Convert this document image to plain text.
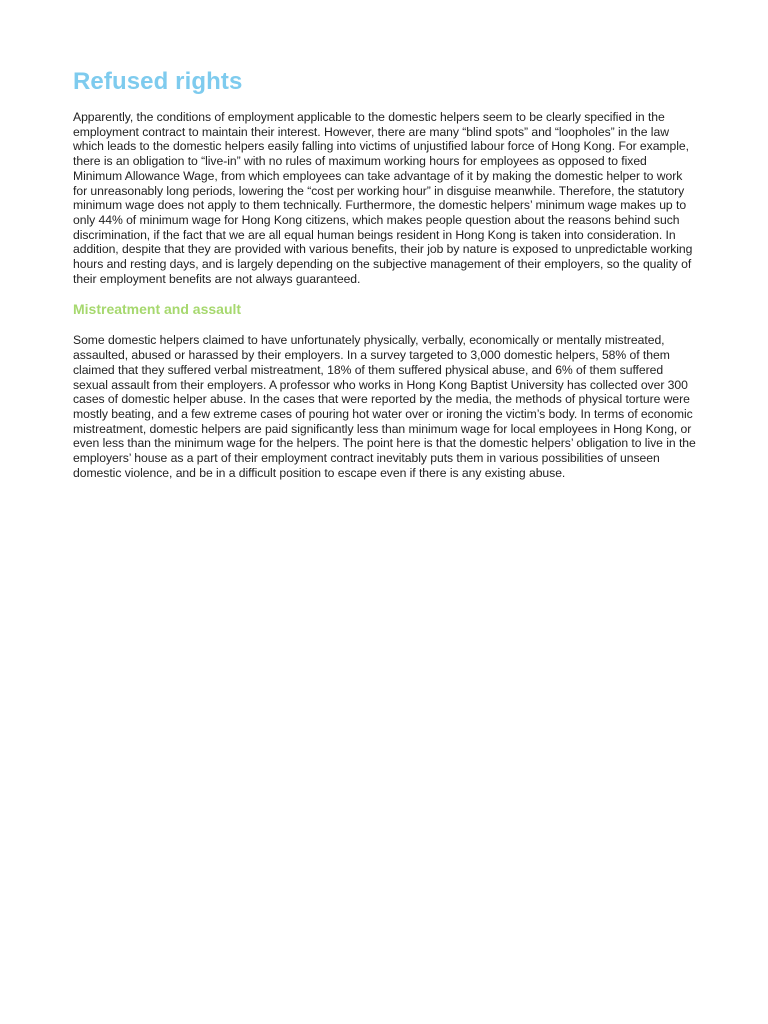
Refused rights

Apparently, the conditions of employment applicable to the domestic helpers seem to be clearly specified in the employment contract to maintain their interest. However, there are many “blind spots” and “loopholes” in the law which leads to the domestic helpers easily falling into victims of unjustified labour force of Hong Kong. For example, there is an obligation to “live-in” with no rules of maximum working hours for employees as opposed to fixed Minimum Allowance Wage, from which employees can take advantage of it by making the domestic helper to work for unreasonably long periods, lowering the “cost per working hour” in disguise meanwhile. Therefore, the statutory minimum wage does not apply to them technically. Furthermore, the domestic helpers’ minimum wage makes up to only 44% of minimum wage for Hong Kong citizens, which makes people question about the reasons behind such discrimination, if the fact that we are all equal human beings resident in Hong Kong is taken into consideration. In addition, despite that they are provided with various benefits, their job by nature is exposed to unpredictable working hours and resting days, and is largely depending on the subjective management of their employers, so the quality of their employment benefits are not always guaranteed.

Mistreatment and assault

Some domestic helpers claimed to have unfortunately physically, verbally, economically or mentally mistreated, assaulted, abused or harassed by their employers. In a survey targeted to 3,000 domestic helpers, 58% of them claimed that they suffered verbal mistreatment, 18% of them suffered physical abuse, and 6% of them suffered sexual assault from their employers. A professor who works in Hong Kong Baptist University has collected over 300 cases of domestic helper abuse. In the cases that were reported by the media, the methods of physical torture were mostly beating, and a few extreme cases of pouring hot water over or ironing the victim’s body. In terms of economic mistreatment, domestic helpers are paid significantly less than minimum wage for local employees in Hong Kong, or even less than the minimum wage for the helpers. The point here is that the domestic helpers’ obligation to live in the employers’ house as a part of their employment contract inevitably puts them in various possibilities of unseen domestic violence, and be in a difficult position to escape even if there is any existing abuse.
